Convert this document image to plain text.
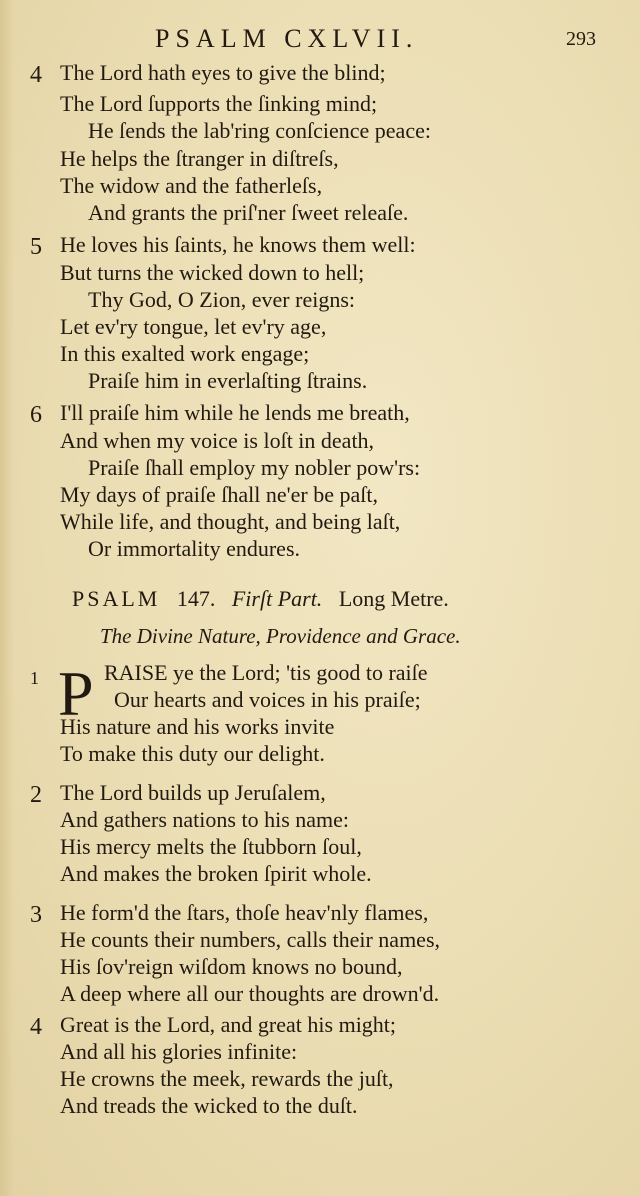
PSALM CXLVII.	293
4 The Lord hath eyes to give the blind;
The Lord ſupports the ſinking mind;
He ſends the lab'ring conſcience peace:
He helps the ſtranger in diſtreſs,
The widow and the fatherleſs,
And grants the priſ'ner ſweet releaſe.
5 He loves his ſaints, he knows them well:
But turns the wicked down to hell;
Thy God, O Zion, ever reigns:
Let ev'ry tongue, let ev'ry age,
In this exalted work engage;
Praiſe him in everlaſting ſtrains.
6 I'll praiſe him while he lends me breath,
And when my voice is loſt in death,
Praiſe ſhall employ my nobler pow'rs:
My days of praiſe ſhall ne'er be paſt,
While life, and thought, and being laſt,
Or immortality endures.
PSALM 147. Firſt Part. Long Metre.
The Divine Nature, Providence and Grace.
1 P RAISE ye the Lord; 'tis good to raiſe
Our hearts and voices in his praiſe;
His nature and his works invite
To make this duty our delight.
2 The Lord builds up Jeruſalem,
And gathers nations to his name:
His mercy melts the ſtubborn ſoul,
And makes the broken ſpirit whole.
3 He form'd the ſtars, thoſe heav'nly flames,
He counts their numbers, calls their names,
His ſov'reign wiſdom knows no bound,
A deep where all our thoughts are drown'd.
4 Great is the Lord, and great his might;
And all his glories infinite:
He crowns the meek, rewards the juſt,
And treads the wicked to the duſt.
